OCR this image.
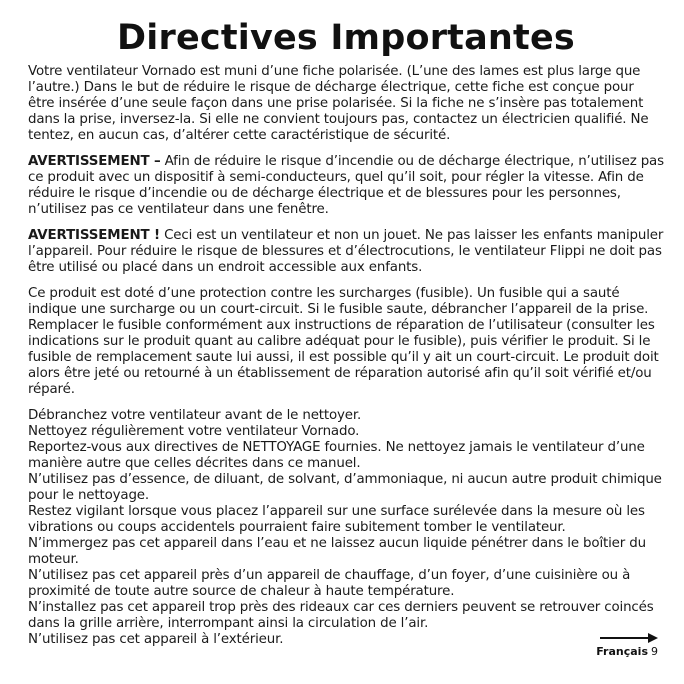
Directives Importantes

Votre ventilateur Vornado est muni d’une fiche polarisée. (L’une des lames est plus large que l’autre.) Dans le but de réduire le risque de décharge électrique, cette fiche est conçue pour être insérée d’une seule façon dans une prise polarisée. Si la fiche ne s’insère pas totalement dans la prise, inversez-la. Si elle ne convient toujours pas, contactez un électricien qualifié. Ne tentez, en aucun cas, d’altérer cette caractéristique de sécurité.

AVERTISSEMENT – Afin de réduire le risque d’incendie ou de décharge électrique, n’utilisez pas ce produit avec un dispositif à semi-conducteurs, quel qu’il soit, pour régler la vitesse. Afin de réduire le risque d’incendie ou de décharge électrique et de blessures pour les personnes, n’utilisez pas ce ventilateur dans une fenêtre.

AVERTISSEMENT ! Ceci est un ventilateur et non un jouet. Ne pas laisser les enfants manipuler l’appareil. Pour réduire le risque de blessures et d’électrocutions, le ventilateur Flippi ne doit pas être utilisé ou placé dans un endroit accessible aux enfants.

Ce produit est doté d’une protection contre les surcharges (fusible). Un fusible qui a sauté indique une surcharge ou un court-circuit. Si le fusible saute, débrancher l’appareil de la prise. Remplacer le fusible conformément aux instructions de réparation de l’utilisateur (consulter les indications sur le produit quant au calibre adéquat pour le fusible), puis vérifier le produit. Si le fusible de remplacement saute lui aussi, il est possible qu’il y ait un court-circuit. Le produit doit alors être jeté ou retourné à un établissement de réparation autorisé afin qu’il soit vérifié et/ou réparé.

Débranchez votre ventilateur avant de le nettoyer.
Nettoyez régulièrement votre ventilateur Vornado.
Reportez-vous aux directives de NETTOYAGE fournies. Ne nettoyez jamais le ventilateur d’une manière autre que celles décrites dans ce manuel.
N’utilisez pas d’essence, de diluant, de solvant, d’ammoniaque, ni aucun autre produit chimique pour le nettoyage.
Restez vigilant lorsque vous placez l’appareil sur une surface surélevée dans la mesure où les vibrations ou coups accidentels pourraient faire subitement tomber le ventilateur.
N’immergez pas cet appareil dans l’eau et ne laissez aucun liquide pénétrer dans le boîtier du moteur.
N’utilisez pas cet appareil près d’un appareil de chauffage, d’un foyer, d’une cuisinière ou à proximité de toute autre source de chaleur à haute température.
N’installez pas cet appareil trop près des rideaux car ces derniers peuvent se retrouver coincés dans la grille arrière, interrompant ainsi la circulation de l’air.
N’utilisez pas cet appareil à l’extérieur.
Français 9
